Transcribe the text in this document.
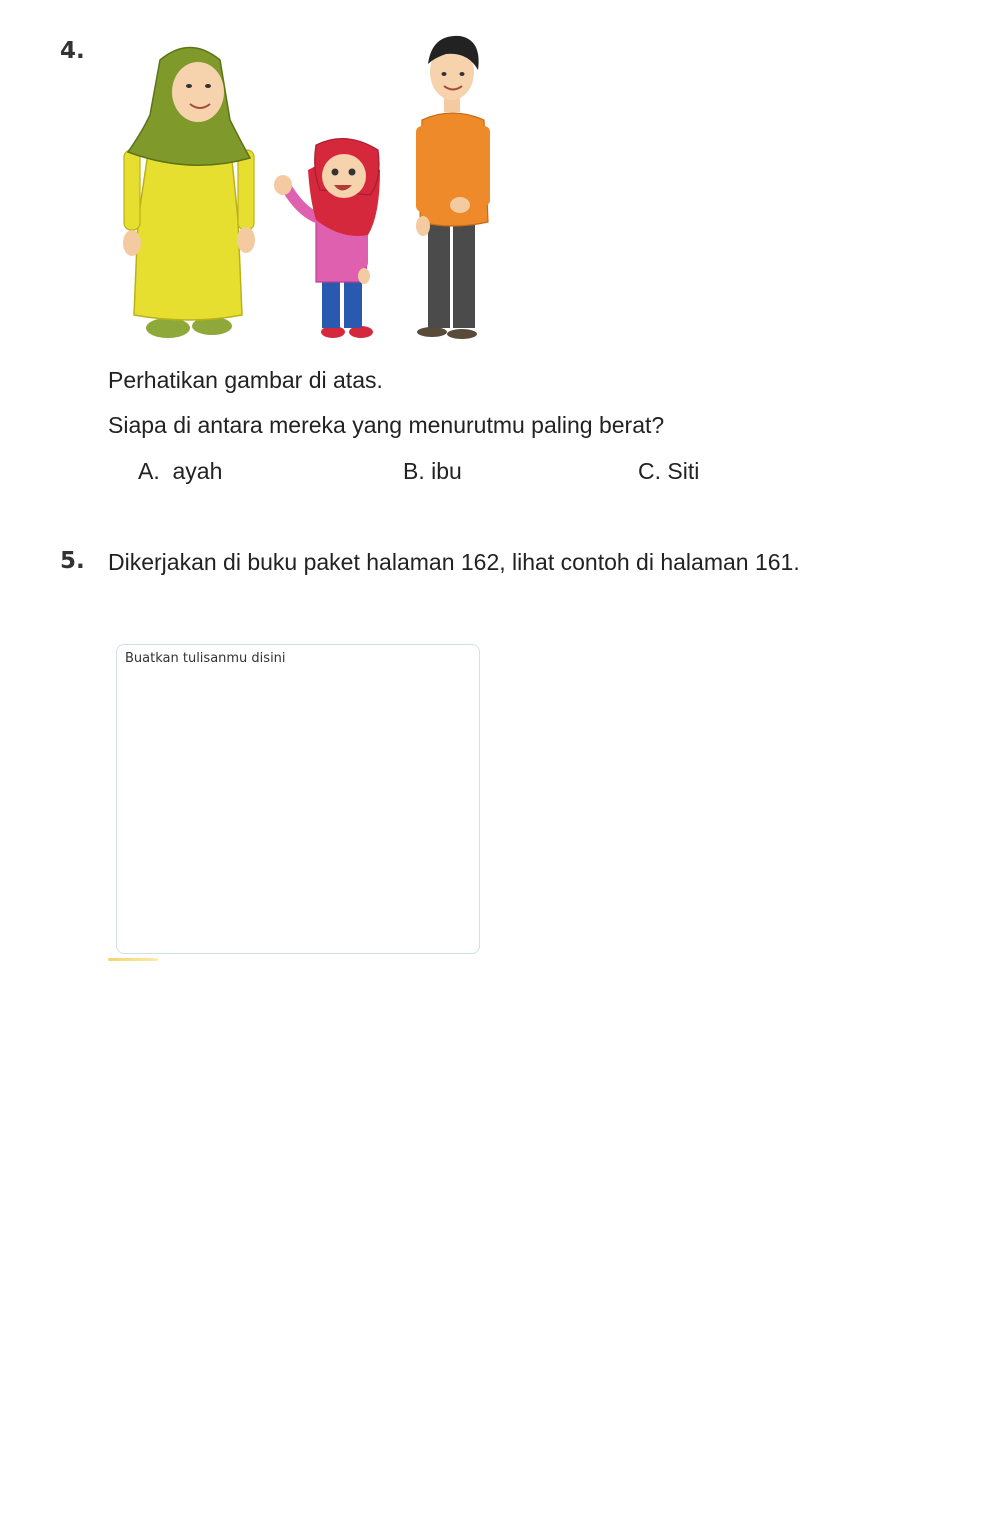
4.
Perhatikan gambar di atas.
Siapa di antara mereka yang menurutmu paling berat?
A. ayah	B. ibu	C. Siti
5. Dikerjakan di buku paket halaman 162, lihat contoh di halaman 161.
Buatkan tulisanmu disini
